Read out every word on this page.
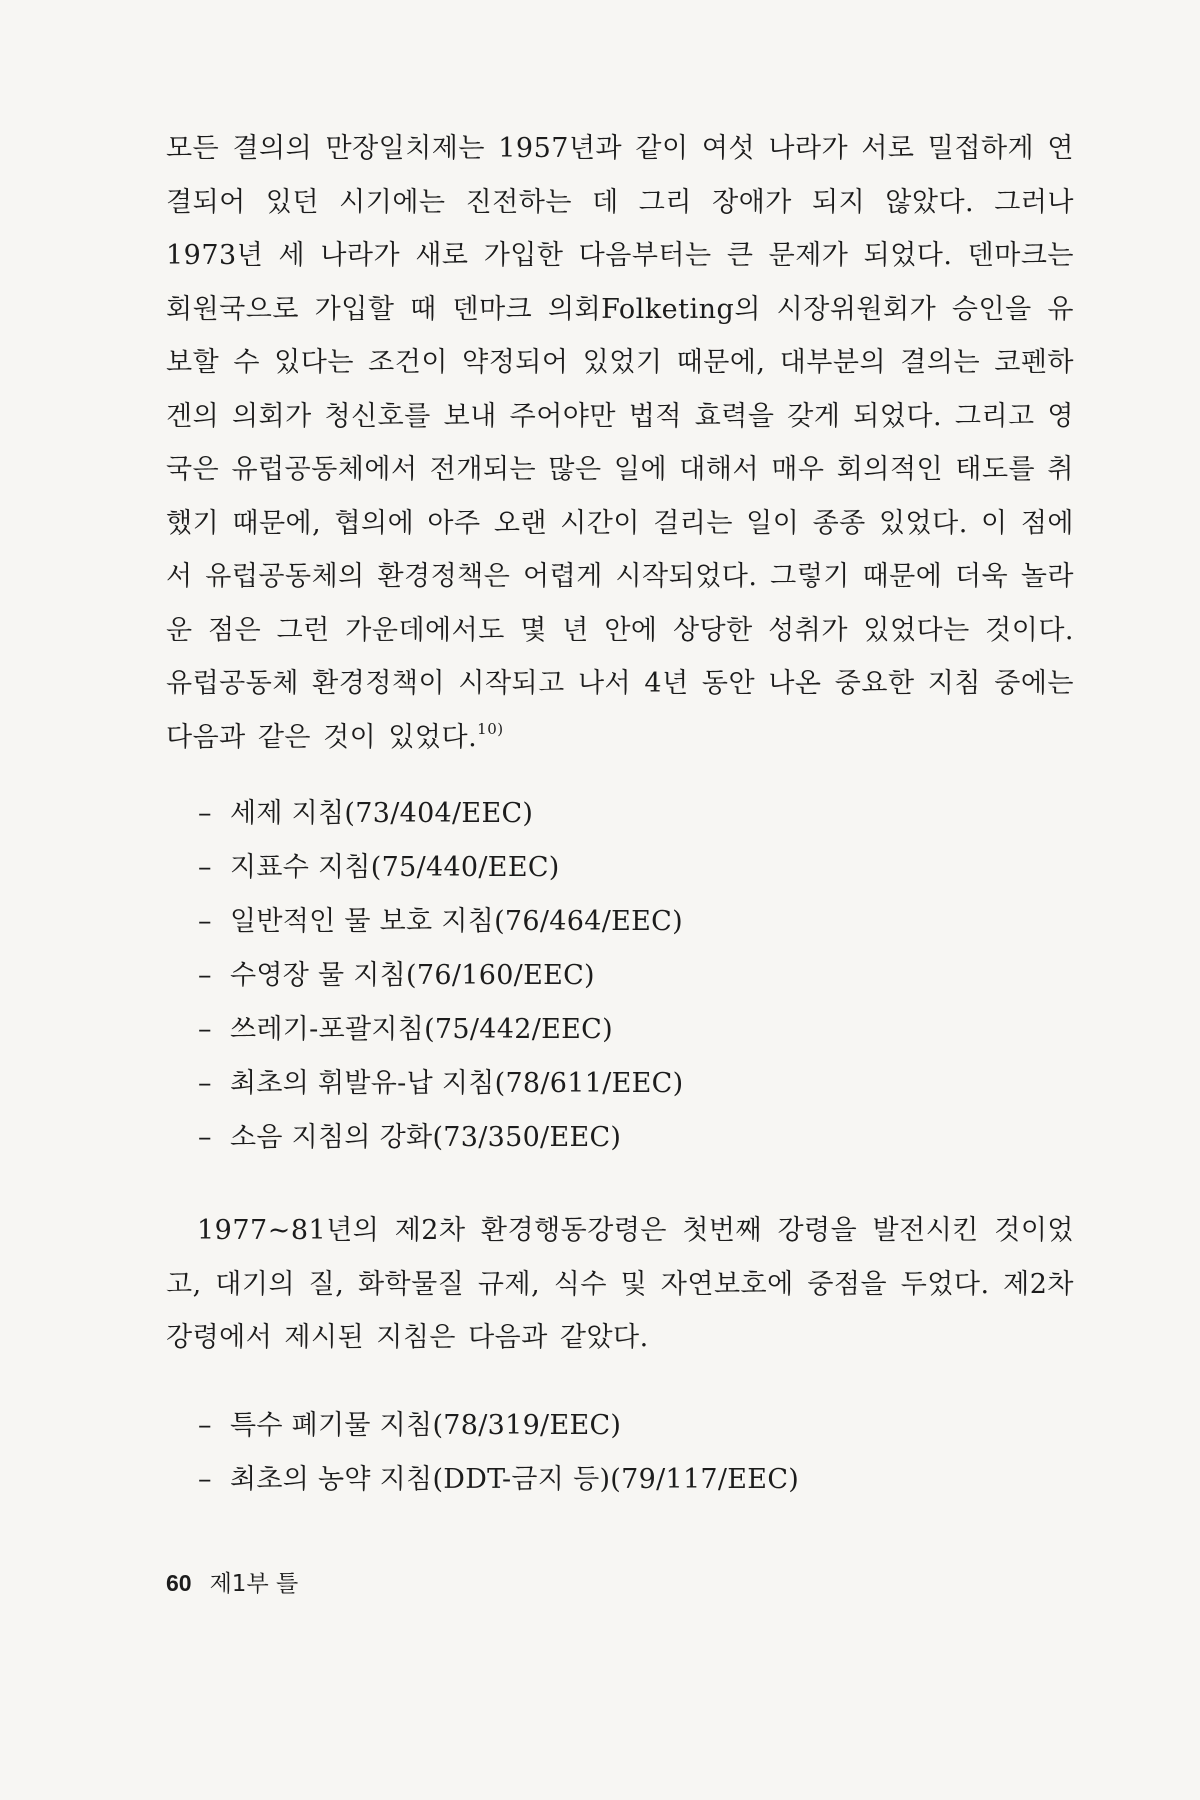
모든 결의의 만장일치제는 1957년과 같이 여섯 나라가 서로 밀접하게 연결되어 있던 시기에는 진전하는 데 그리 장애가 되지 않았다. 그러나 1973년 세 나라가 새로 가입한 다음부터는 큰 문제가 되었다. 덴마크는 회원국으로 가입할 때 덴마크 의회Folketing의 시장위원회가 승인을 유보할 수 있다는 조건이 약정되어 있었기 때문에, 대부분의 결의는 코펜하겐의 의회가 청신호를 보내 주어야만 법적 효력을 갖게 되었다. 그리고 영국은 유럽공동체에서 전개되는 많은 일에 대해서 매우 회의적인 태도를 취했기 때문에, 협의에 아주 오랜 시간이 걸리는 일이 종종 있었다. 이 점에서 유럽공동체의 환경정책은 어렵게 시작되었다. 그렇기 때문에 더욱 놀라운 점은 그런 가운데에서도 몇 년 안에 상당한 성취가 있었다는 것이다. 유럽공동체 환경정책이 시작되고 나서 4년 동안 나온 중요한 지침 중에는 다음과 같은 것이 있었다.$^{10)}$

– 세제 지침(73/404/EEC)
– 지표수 지침(75/440/EEC)
– 일반적인 물 보호 지침(76/464/EEC)
– 수영장 물 지침(76/160/EEC)
– 쓰레기-포괄지침(75/442/EEC)
– 최초의 휘발유-납 지침(78/611/EEC)
– 소음 지침의 강화(73/350/EEC)

1977~81년의 제2차 환경행동강령은 첫번째 강령을 발전시킨 것이었고, 대기의 질, 화학물질 규제, 식수 및 자연보호에 중점을 두었다. 제2차 강령에서 제시된 지침은 다음과 같았다.

– 특수 폐기물 지침(78/319/EEC)
– 최초의 농약 지침(DDT-금지 등)(79/117/EEC)
60 제1부 틀
